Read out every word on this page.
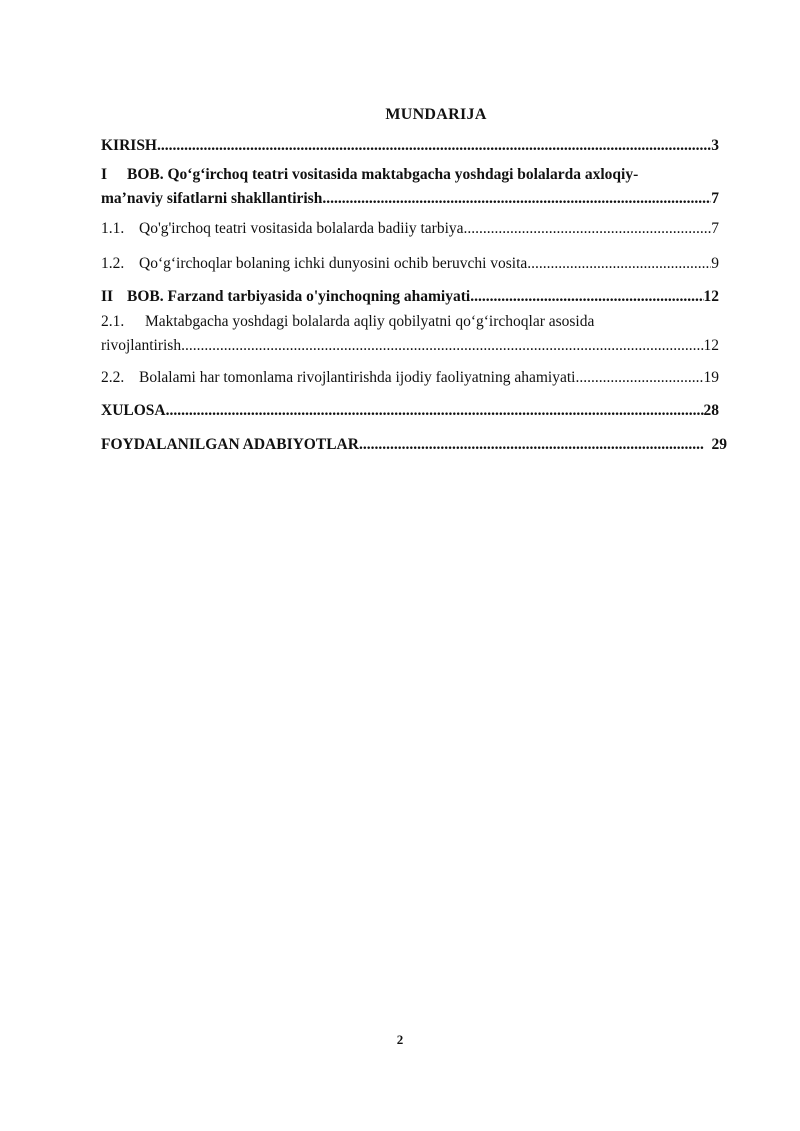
MUNDARIJA
KIRISH .....	3
I BOB. Qo‘g‘irchoq teatri vositasida maktabgacha yoshdagi bolalarda axloqiy-
ma’naviy sifatlarni shakllantirish .....	7
1.1. Qo'g'irchoq teatri vositasida bolalarda badiiy tarbiya .....	7
1.2. Qo‘g‘irchoqlar bolaning ichki dunyosini ochib beruvchi vosita .....	9
II BOB. Farzand tarbiyasida o'yinchoqning ahamiyati .....	12
2.1. Maktabgacha yoshdagi bolalarda aqliy qobilyatni qo‘g‘irchoqlar asosida
rivojlantirish .....	12
2.2. Bolalami har tomonlama rivojlantirishda ijodiy faoliyatning ahamiyati .....	19
XULOSA .....	28
FOYDALANILGAN ADABIYOTLAR .....	29
2
